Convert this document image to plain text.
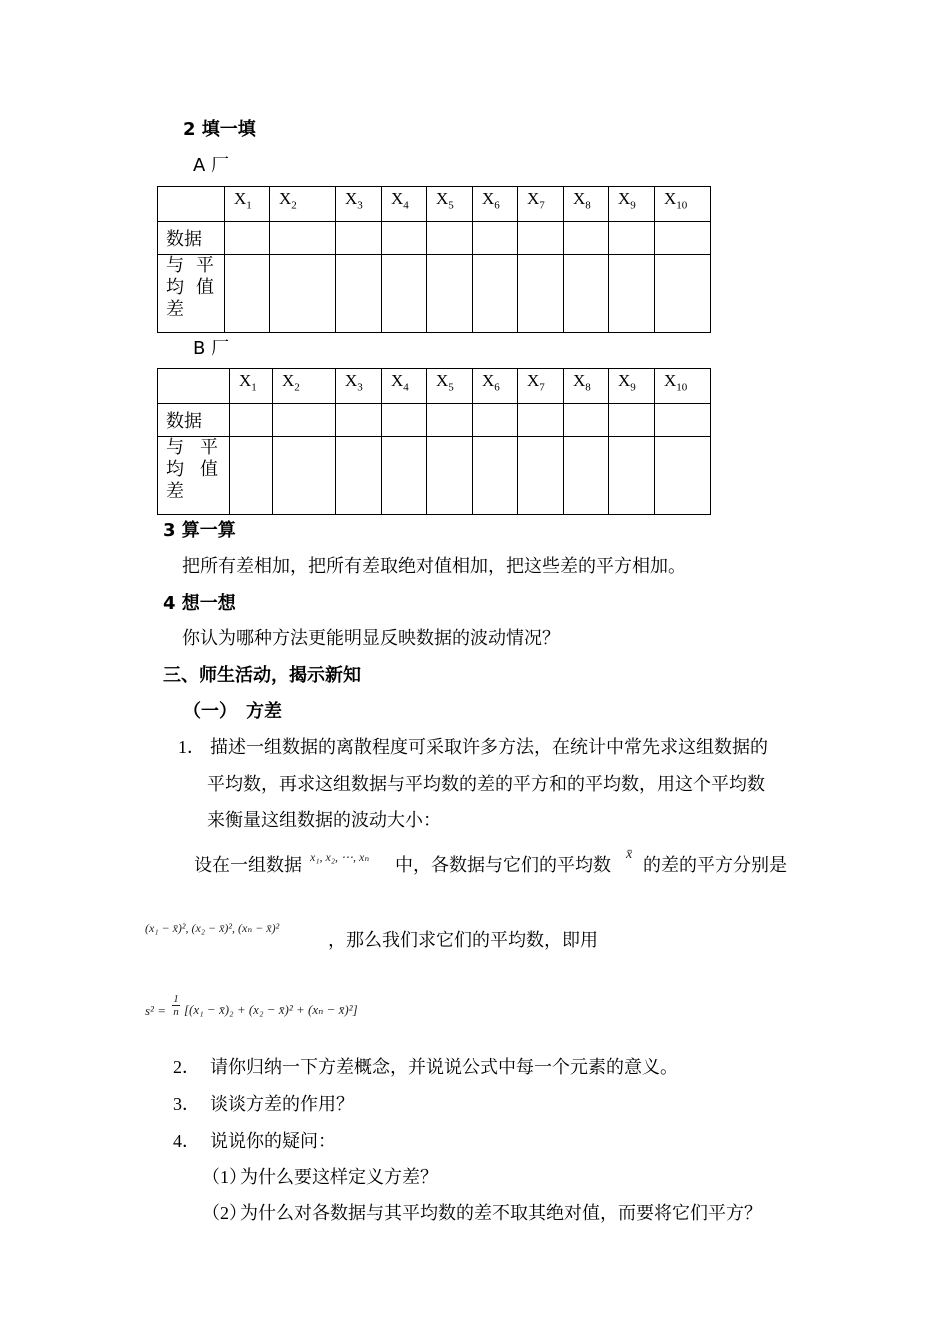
2 填一填
A 厂
	$X_1$	$X_2$	$X_3$	$X_4$	$X_5$	$X_6$	$X_7$	$X_8$	$X_9$	$X_{10}$
数据										

与 平
均 值
差										

B 厂
	$X_1$	$X_2$	$X_3$	$X_4$	$X_5$	$X_6$	$X_7$	$X_8$	$X_9$	$X_{10}$
数据										

与 平
均 值
差										

3 算一算
把所有差相加，把所有差取绝对值相加，把这些差的平方相加。
4 想一想
你认为哪种方法更能明显反映数据的波动情况？
三、师生活动，揭示新知
（一）　方差
1． 描述一组数据的离散程度可采取许多方法，在统计中常先求这组数据的
平均数，再求这组数据与平均数的差的平方和的平均数，用这个平均数
来衡量这组数据的波动大小：
设在一组数据 x₁, x₂, ⋯, xₙ 中，各数据与它们的平均数
x̄
的差的平方分别是
(x₁ − x̄)², (x₂ − x̄)², (xₙ − x̄)²
，那么我们求它们的平均数，即用
s² =
1
n [(x₁ − x̄)₂ + (x₂ − x̄)² + (xₙ − x̄)²]
2． 请你归纳一下方差概念，并说说公式中每一个元素的意义。
3． 谈谈方差的作用？
4． 说说你的疑问：
（1）
为什么要这样定义方差？
（2）
为什么对各数据与其平均数的差不取其绝对值，而要将它们平方？
